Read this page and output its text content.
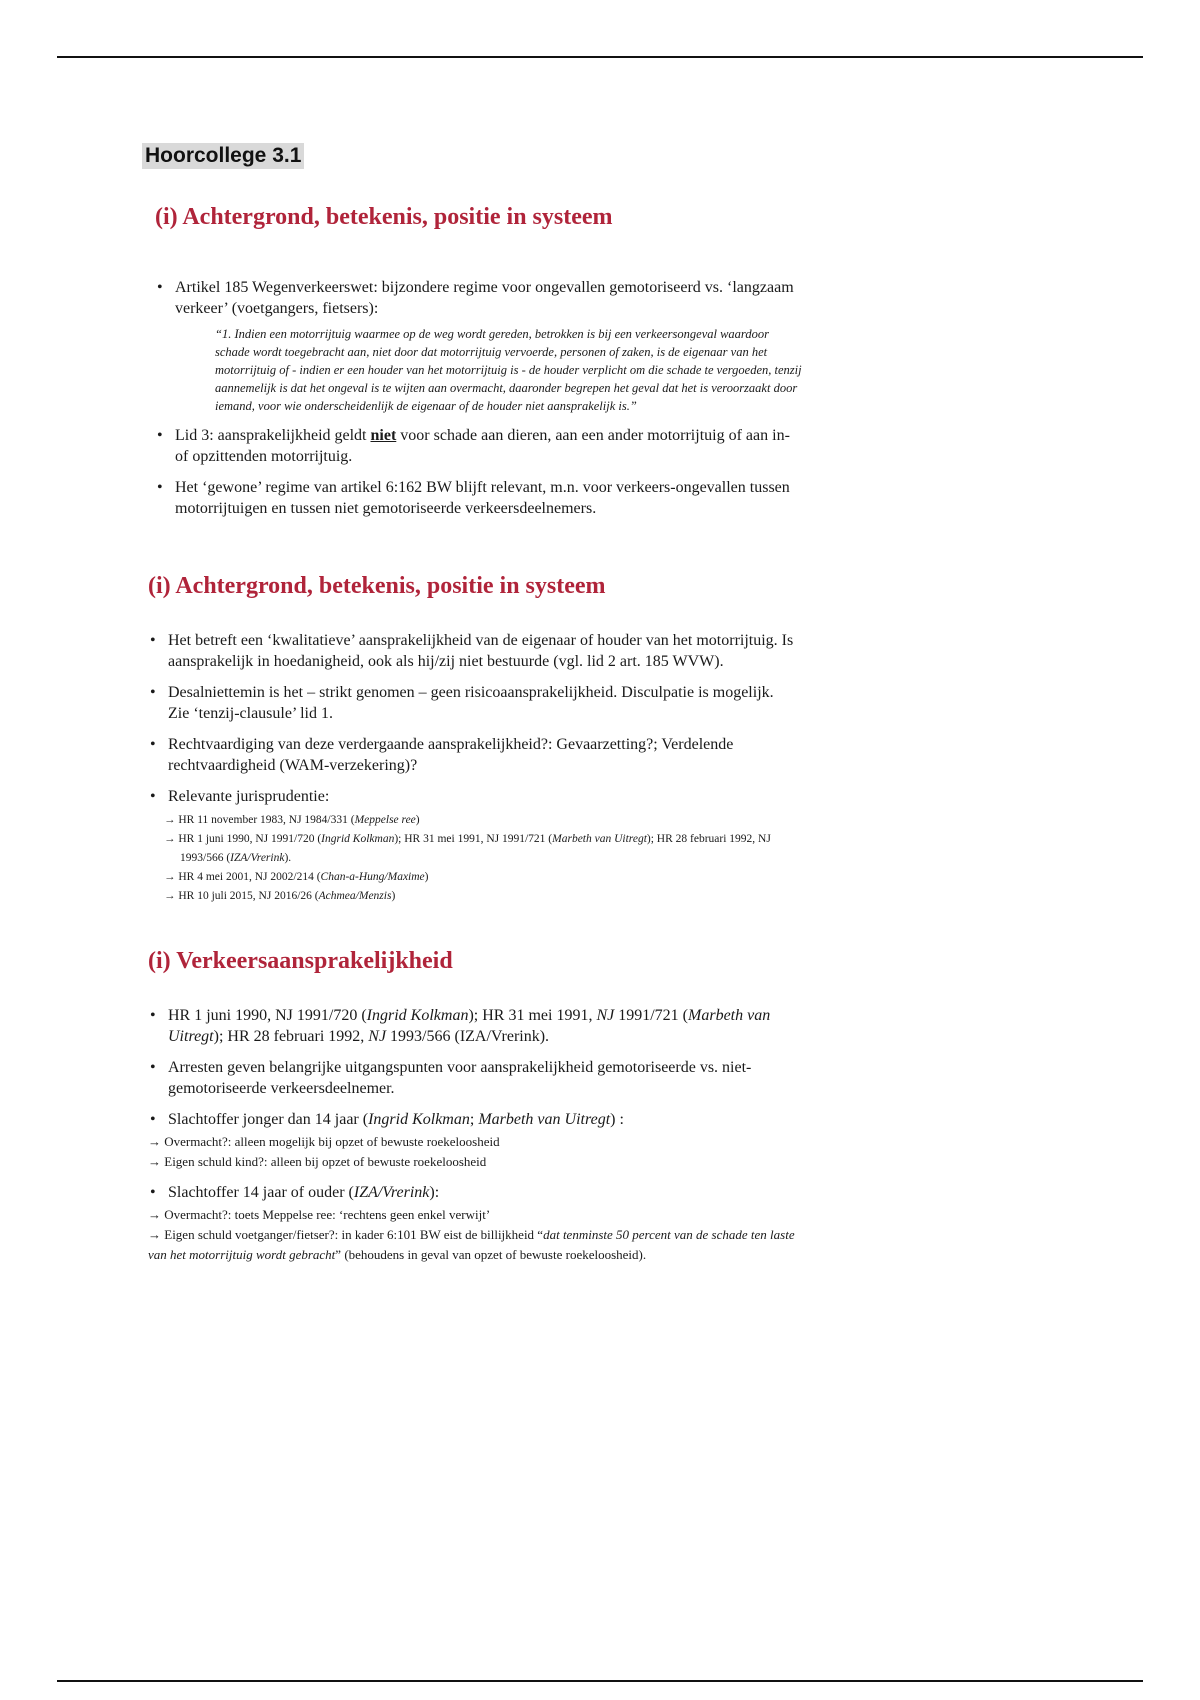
Hoorcollege 3.1
(i) Achtergrond, betekenis, positie in systeem
• Artikel 185 Wegenverkeerswet: bijzondere regime voor ongevallen gemotoriseerd vs. ‘langzaam verkeer’ (voetgangers, fietsers):
“1. Indien een motorrijtuig waarmee op de weg wordt gereden, betrokken is bij een verkeersongeval waardoor schade wordt toegebracht aan, niet door dat motorrijtuig vervoerde, personen of zaken, is de eigenaar van het motorrijtuig of - indien er een houder van het motorrijtuig is - de houder verplicht om die schade te vergoeden, tenzij aannemelijk is dat het ongeval is te wijten aan overmacht, daaronder begrepen het geval dat het is veroorzaakt door iemand, voor wie onderscheidenlijk de eigenaar of de houder niet aansprakelijk is.”
• Lid 3: aansprakelijkheid geldt niet voor schade aan dieren, aan een ander motorrijtuig of aan in- of opzittenden motorrijtuig.
• Het ‘gewone’ regime van artikel 6:162 BW blijft relevant, m.n. voor verkeers-ongevallen tussen motorrijtuigen en tussen niet gemotoriseerde verkeersdeelnemers.
(i) Achtergrond, betekenis, positie in systeem
• Het betreft een ‘kwalitatieve’ aansprakelijkheid van de eigenaar of houder van het motorrijtuig. Is aansprakelijk in hoedanigheid, ook als hij/zij niet bestuurde (vgl. lid 2 art. 185 WVW).
• Desalniettemin is het – strikt genomen – geen risicoaansprakelijkheid. Disculpatie is mogelijk. Zie ‘tenzij-clausule’ lid 1.
• Rechtvaardiging van deze verdergaande aansprakelijkheid?: Gevaarzetting?; Verdelende rechtvaardigheid (WAM-verzekering)?
• Relevante jurisprudentie:
→ HR 11 november 1983, NJ 1984/331 (Meppelse ree)
→ HR 1 juni 1990, NJ 1991/720 (Ingrid Kolkman); HR 31 mei 1991, NJ 1991/721 (Marbeth van Uitregt); HR 28 februari 1992, NJ 1993/566 (IZA/Vrerink).
→ HR 4 mei 2001, NJ 2002/214 (Chan-a-Hung/Maxime)
→ HR 10 juli 2015, NJ 2016/26 (Achmea/Menzis)
(i) Verkeersaansprakelijkheid
• HR 1 juni 1990, NJ 1991/720 (Ingrid Kolkman); HR 31 mei 1991, NJ 1991/721 (Marbeth van Uitregt); HR 28 februari 1992, NJ 1993/566 (IZA/Vrerink).
• Arresten geven belangrijke uitgangspunten voor aansprakelijkheid gemotoriseerde vs. niet-gemotoriseerde verkeersdeelnemer.
• Slachtoffer jonger dan 14 jaar (Ingrid Kolkman; Marbeth van Uitregt) :
→ Overmacht?: alleen mogelijk bij opzet of bewuste roekeloosheid
→ Eigen schuld kind?: alleen bij opzet of bewuste roekeloosheid
• Slachtoffer 14 jaar of ouder (IZA/Vrerink):
→ Overmacht?: toets Meppelse ree: ‘rechtens geen enkel verwijt’
→ Eigen schuld voetganger/fietser?: in kader 6:101 BW eist de billijkheid “dat tenminste 50 percent van de schade ten laste van het motorrijtuig wordt gebracht” (behoudens in geval van opzet of bewuste roekeloosheid).
